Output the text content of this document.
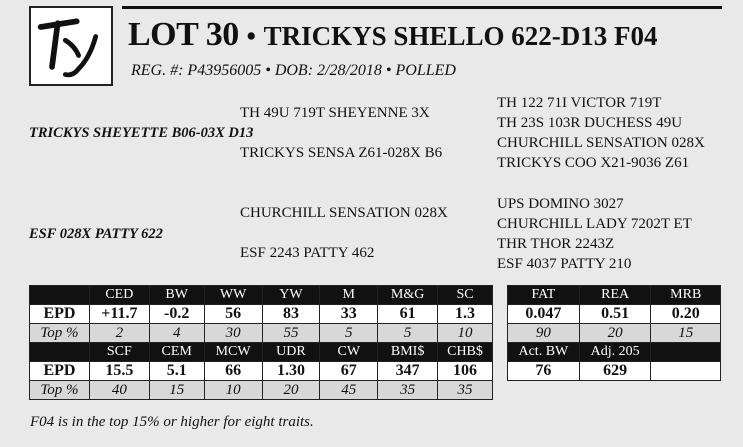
LOT 30 • TRICKYS SHELLO 622-D13 F04
REG. #: P43956005 • DOB: 2/28/2018 • POLLED
TH 49U 719T SHEYENNE 3X
TRICKYS SHEYETTE B06-03X D13
TRICKYS SENSA Z61-028X B6
TH 122 71I VICTOR 719T
TH 23S 103R DUCHESS 49U
CHURCHILL SENSATION 028X
TRICKYS COO X21-9036 Z61
CHURCHILL SENSATION 028X
ESF 028X PATTY 622
ESF 2243 PATTY 462
UPS DOMINO 3027
CHURCHILL LADY 7202T ET
THR THOR 2243Z
ESF 4037 PATTY 210
	CED	BW	WW	YW	M	M&G	SC
EPD	+11.7	-0.2	56	83	33	61	1.3
Top %	2	4	30	55	5	5	10
	SCF	CEM	MCW	UDR	CW	BMI$	CHB$
EPD	15.5	5.1	66	1.30	67	347	106
Top %	40	15	10	20	45	35	35
FAT	REA	MRB
0.047	0.51	0.20
90	20	15
Act. BW	Adj. 205	
76	629	
F04 is in the top 15% or higher for eight traits.
